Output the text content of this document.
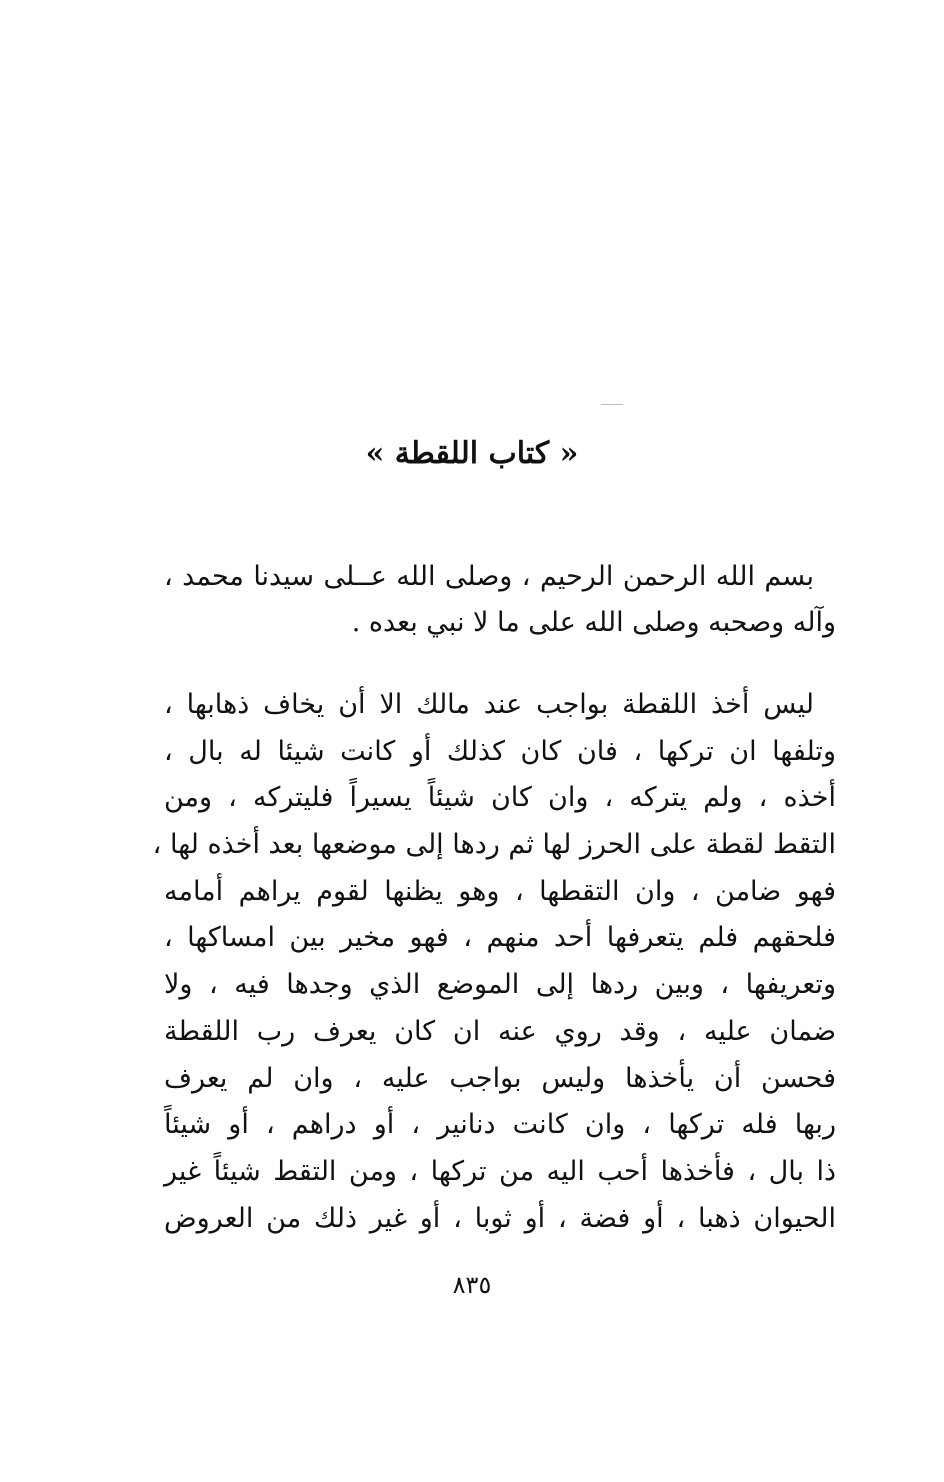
« كتاب اللقطة »
بسم الله الرحمن الرحيم ، وصلى الله عــلى سيدنا محمد ،
وآله وصحبه وصلى الله على ما لا نبي بعده .
ليس أخذ اللقطة بواجب عند مالك الا أن يخاف ذهابها ،
وتلفها ان تركها ، فان كان كذلك أو كانت شيئا له بال ،
أخذه ، ولم يتركه ، وان كان شيئاً يسيراً فليتركه ، ومن
التقط لقطة على الحرز لها ثم ردها إلى موضعها بعد أخذه لها ،
فهو ضامن ، وان التقطها ، وهو يظنها لقوم يراهم أمامه
فلحقهم فلم يتعرفها أحد منهم ، فهو مخير بين امساكها ،
وتعريفها ، وبين ردها إلى الموضع الذي وجدها فيه ، ولا
ضمان عليه ، وقد روي عنه ان كان يعرف رب اللقطة
فحسن أن يأخذها وليس بواجب عليه ، وان لم يعرف
ربها فله تركها ، وان كانت دنانير ، أو دراهم ، أو شيئاً
ذا بال ، فأخذها أحب اليه من تركها ، ومن التقط شيئاً غير
الحيوان ذهبا ، أو فضة ، أو ثوبا ، أو غير ذلك من العروض
٨٣٥
